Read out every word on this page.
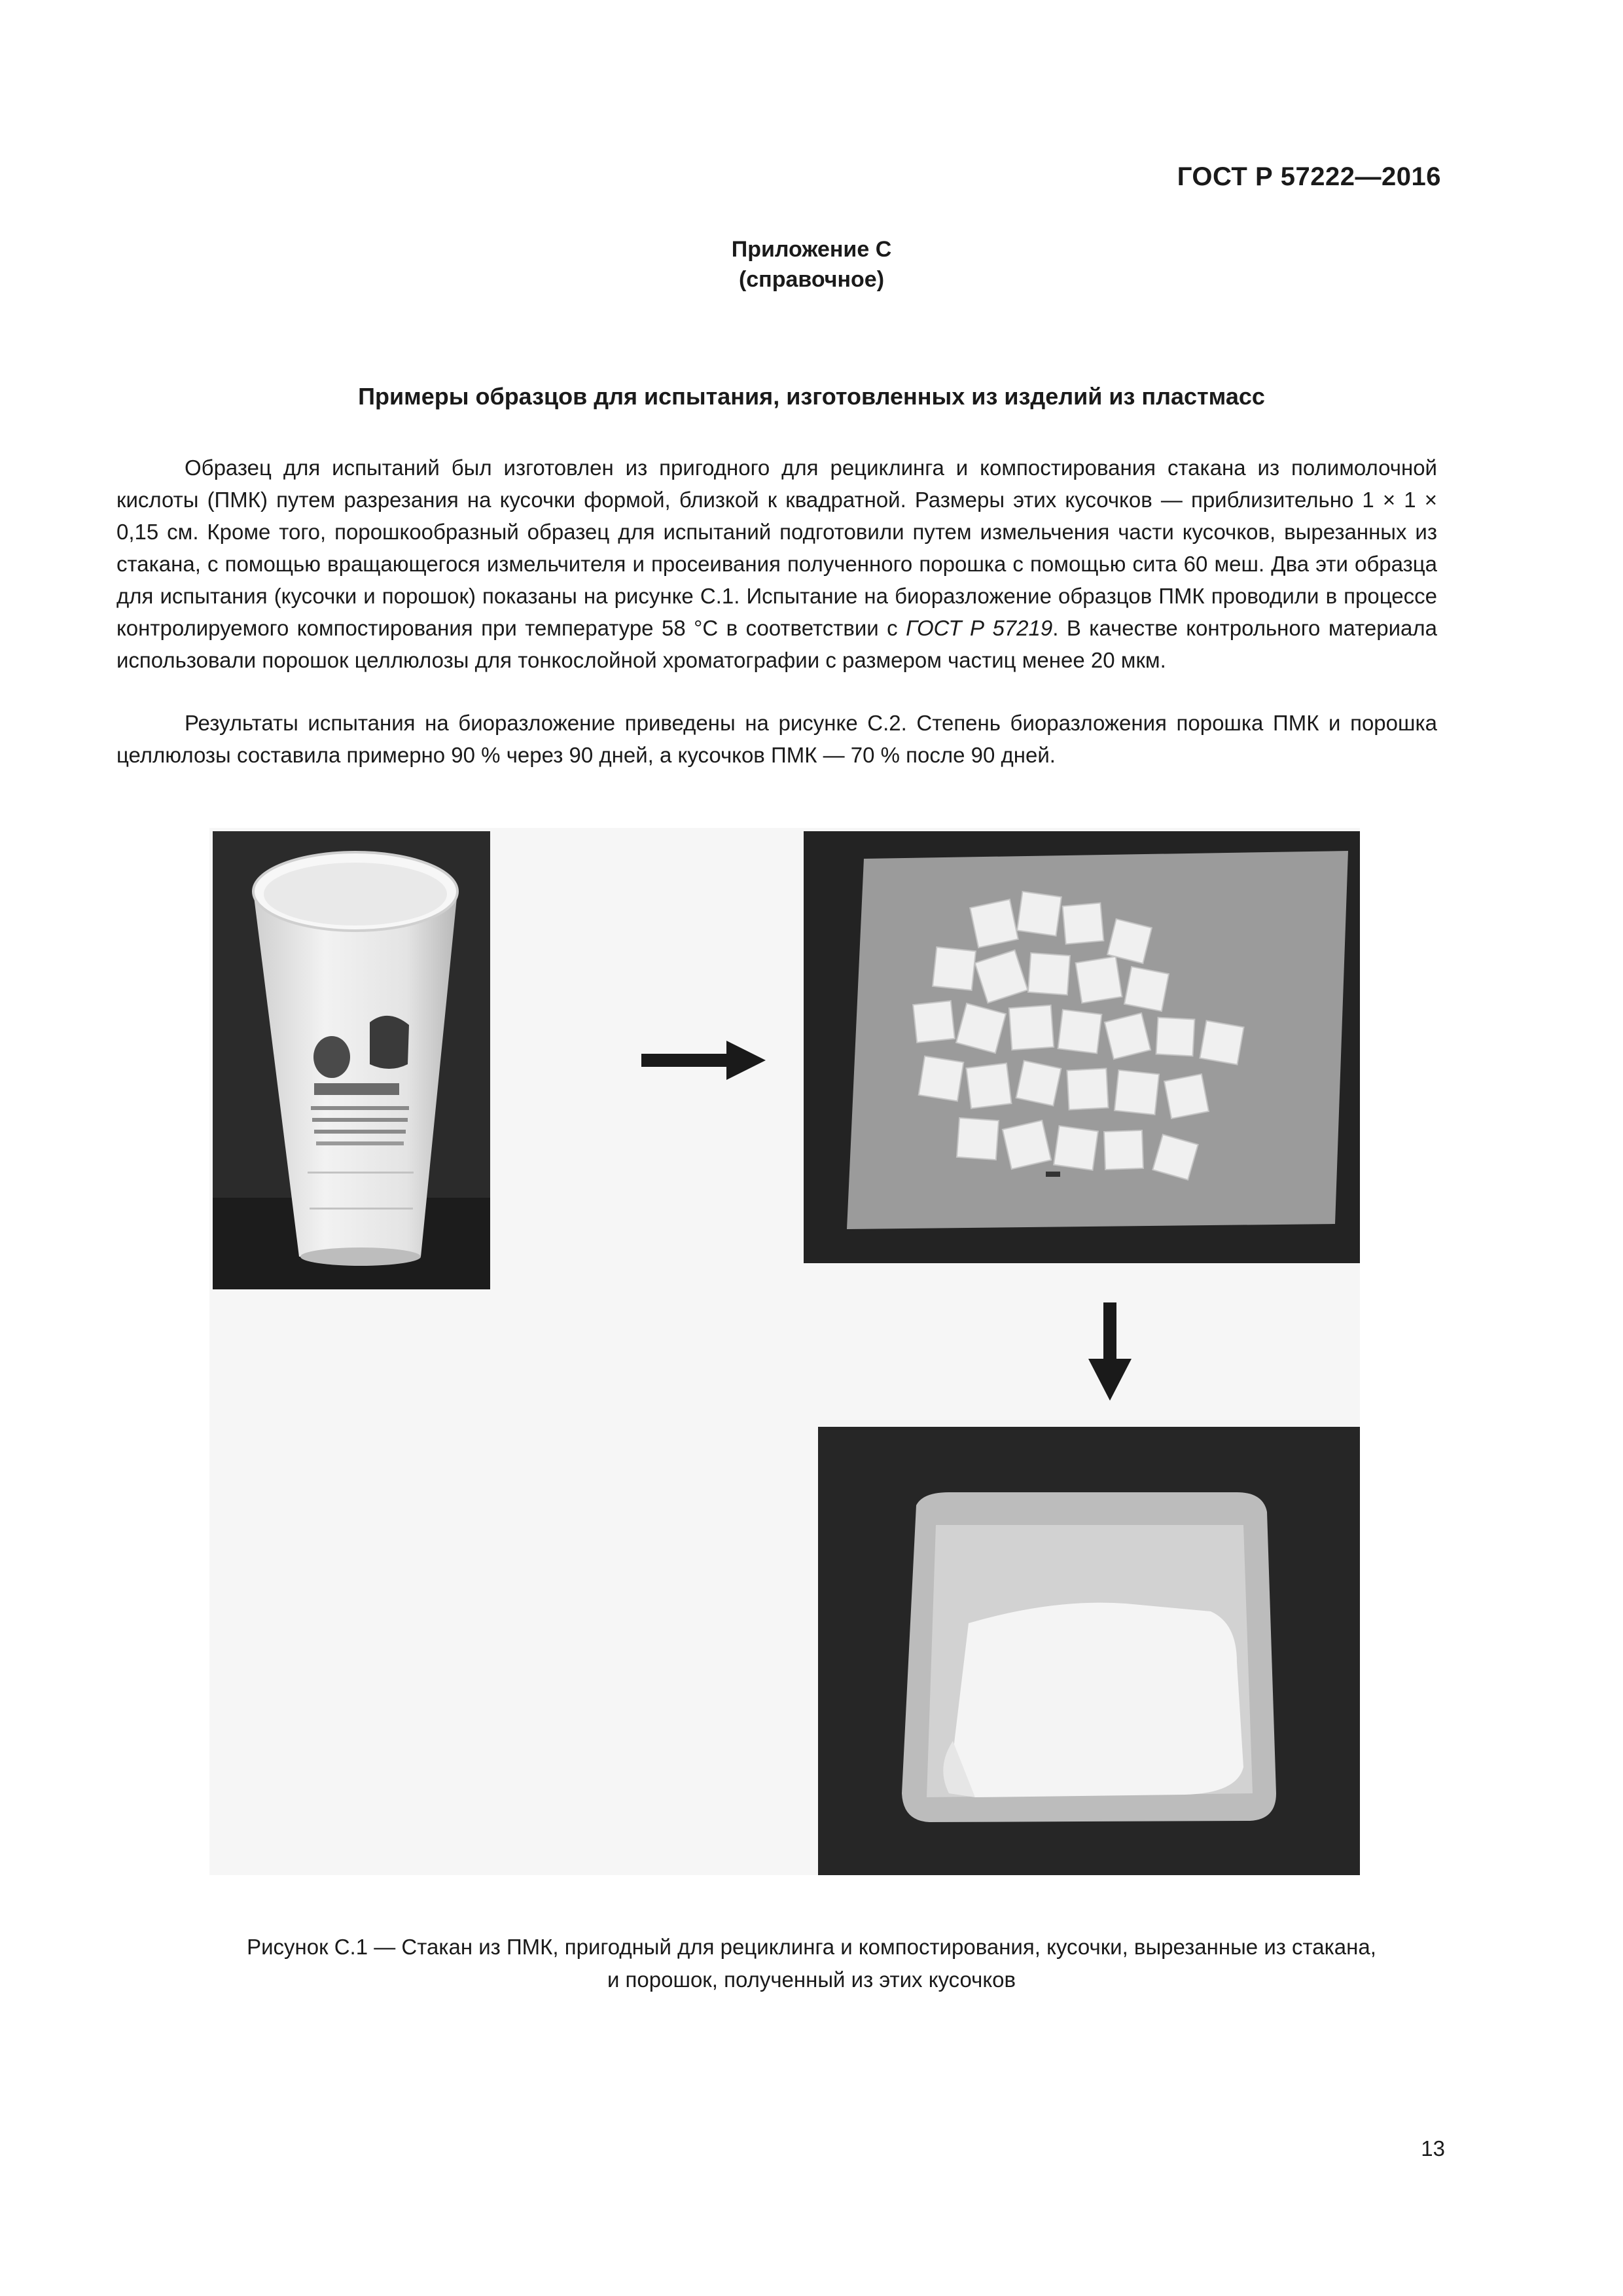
ГОСТ Р 57222—2016
Приложение С
(справочное)
Примеры образцов для испытания, изготовленных из изделий из пластмасс

Образец для испытаний был изготовлен из пригодного для рециклинга и компостирования стакана из полимолочной кислоты (ПМК) путем разрезания на кусочки формой, близкой к квадратной. Размеры этих кусочков — приблизительно 1 × 1 × 0,15 см. Кроме того, порошкообразный образец для испытаний подготовили путем измельчения части кусочков, вырезанных из стакана, с помощью вращающегося измельчителя и просеивания полученного порошка с помощью сита 60 меш. Два эти образца для испытания (кусочки и порошок) показаны на рисунке С.1. Испытание на биоразложение образцов ПМК проводили в процессе контролируемого компостирования при температуре 58 °С в соответствии с ГОСТ Р 57219. В качестве контрольного материала использовали порошок целлюлозы для тонкослойной хроматографии с размером частиц менее 20 мкм.

Результаты испытания на биоразложение приведены на рисунке С.2. Степень биоразложения порошка ПМК и порошка целлюлозы составила примерно 90 % через 90 дней, а кусочков ПМК — 70 % после 90 дней.

Рисунок С.1 — Стакан из ПМК, пригодный для рециклинга и компостирования, кусочки, вырезанные из стакана,
и порошок, полученный из этих кусочков
13
